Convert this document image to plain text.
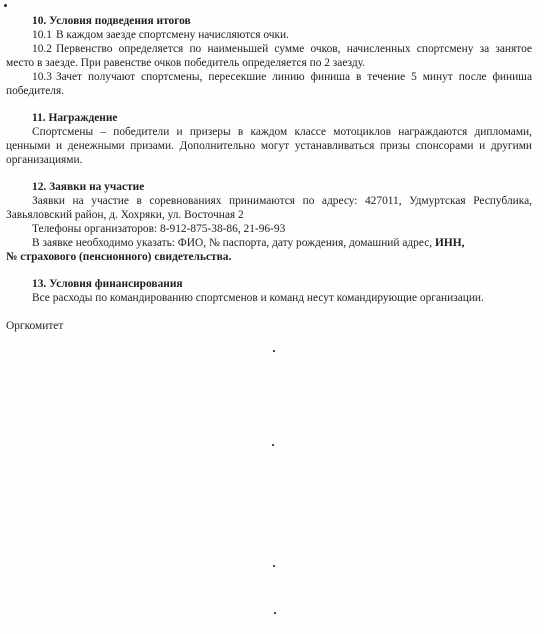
10. Условия подведения итогов

10.1 В каждом заезде спортсмену начисляются очки.

10.2 Первенство определяется по наименьшей сумме очков, начисленных спортсмену за занятое место в заезде. При равенстве очков победитель определяется по 2 заезду.

10.3 Зачет получают спортсмены, пересекшие линию финиша в течение 5 минут после финиша победителя.

11. Награждение

Спортсмены – победители и призеры в каждом классе мотоциклов награждаются дипломами, ценными и денежными призами. Дополнительно могут устанавливаться призы спонсорами и другими организациями.

12. Заявки на участие

Заявки на участие в соревнованиях принимаются по адресу: 427011, Удмуртская Республика, Завьяловский район, д. Хохряки, ул. Восточная 2

Телефоны организаторов: 8-912-875-38-86, 21-96-93

В заявке необходимо указать: ФИО, № паспорта, дату рождения, домашний адрес, ИНН,

№ страхового (пенсионного) свидетельства.

13. Условия финансирования

Все расходы по командированию спортсменов и команд несут командирующие организации.

Оргкомитет
